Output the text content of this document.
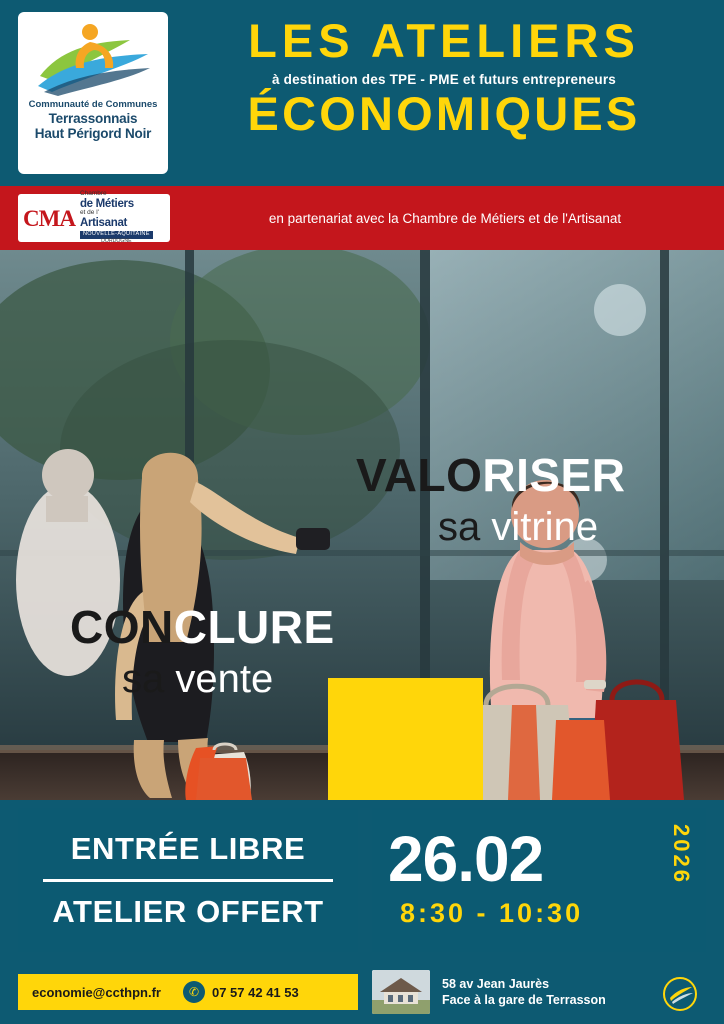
Communauté de Communes
Terrassonnais
Haut Périgord Noir
LES ATELIERS
à destination des TPE - PME et futurs entrepreneurs
ÉCONOMIQUES
CMA
Chambre
de Métiers
et de l'
Artisanat
NOUVELLE-AQUITAINE
DORDOGNE
en partenariat avec la Chambre de Métiers et de l'Artisanat
VALORISER
sa vitrine
CONCLURE
sa vente
ENTRÉE LIBRE
ATELIER OFFERT
26.02	2026
8:30 - 10:30
economie@ccthpn.fr	✆ 07 57 42 41 53
58 av Jean Jaurès
Face à la gare de Terrasson
